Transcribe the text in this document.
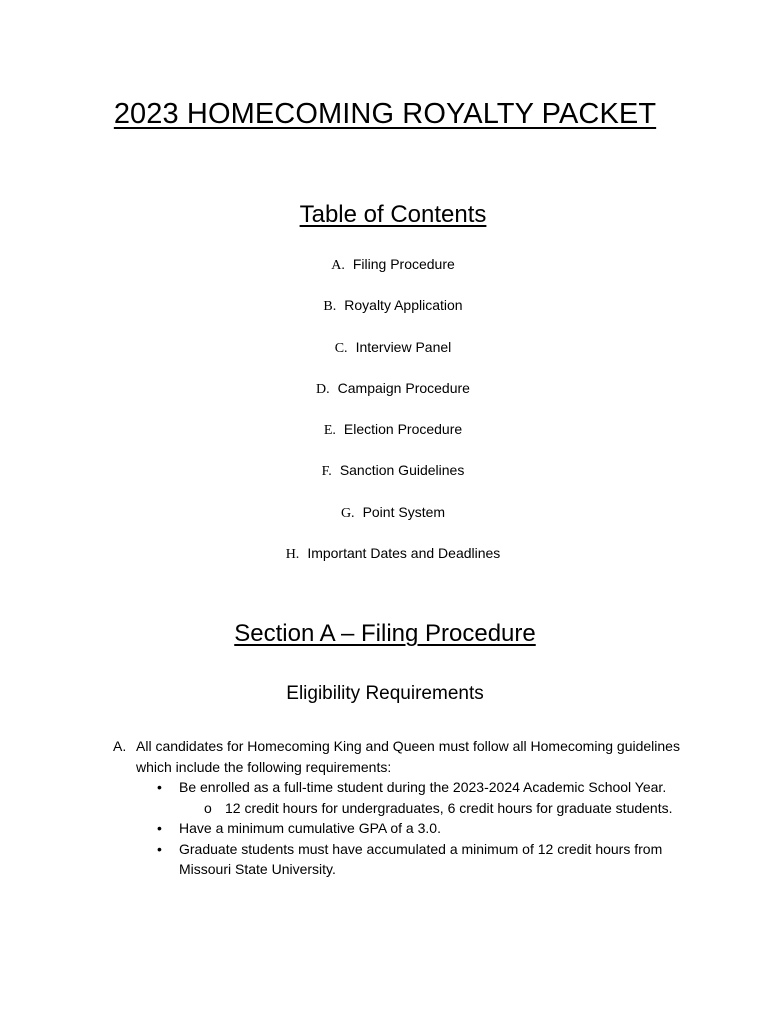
2023 HOMECOMING ROYALTY PACKET
Table of Contents
A. Filing Procedure
B. Royalty Application
C. Interview Panel
D. Campaign Procedure
E. Election Procedure
F. Sanction Guidelines
G. Point System
H. Important Dates and Deadlines
Section A – Filing Procedure
Eligibility Requirements
A. All candidates for Homecoming King and Queen must follow all Homecoming guidelines which include the following requirements:
•	Be enrolled as a full-time student during the 2023-2024 Academic School Year.
o 12 credit hours for undergraduates, 6 credit hours for graduate students.
•	Have a minimum cumulative GPA of a 3.0.
•	Graduate students must have accumulated a minimum of 12 credit hours from Missouri State University.
